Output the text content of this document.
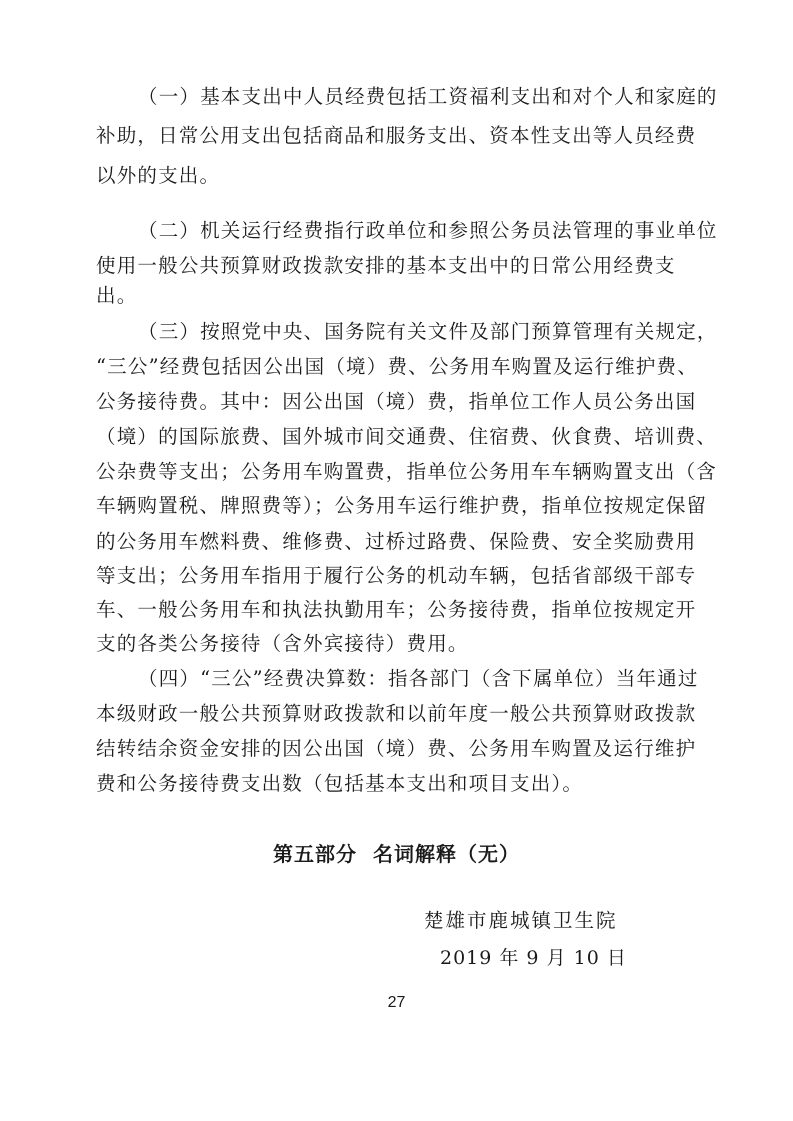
（一）基本支出中人员经费包括工资福利支出和对个人和家庭的
补助，日常公用支出包括商品和服务支出、资本性支出等人员经费
以外的支出。
（二）机关运行经费指行政单位和参照公务员法管理的事业单位
使用一般公共预算财政拨款安排的基本支出中的日常公用经费支
出。
（三）按照党中央、国务院有关文件及部门预算管理有关规定，
“三公”经费包括因公出国（境）费、公务用车购置及运行维护费、
公务接待费。其中：因公出国（境）费，指单位工作人员公务出国
（境）的国际旅费、国外城市间交通费、住宿费、伙食费、培训费、
公杂费等支出；公务用车购置费，指单位公务用车车辆购置支出（含
车辆购置税、牌照费等）；公务用车运行维护费，指单位按规定保留
的公务用车燃料费、维修费、过桥过路费、保险费、安全奖励费用
等支出；公务用车指用于履行公务的机动车辆，包括省部级干部专
车、一般公务用车和执法执勤用车；公务接待费，指单位按规定开
支的各类公务接待（含外宾接待）费用。
（四）“三公”经费决算数：指各部门（含下属单位）当年通过
本级财政一般公共预算财政拨款和以前年度一般公共预算财政拨款
结转结余资金安排的因公出国（境）费、公务用车购置及运行维护
费和公务接待费支出数（包括基本支出和项目支出）。
第五部分  名词解释（无）
楚雄市鹿城镇卫生院
2019 年 9 月 10 日
27
